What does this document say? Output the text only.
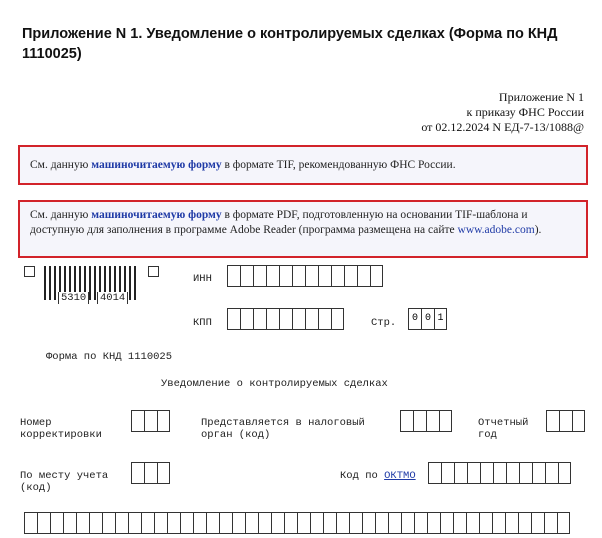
Приложение N 1. Уведомление о контролируемых сделках (Форма по КНД 1110025)
Приложение N 1
к приказу ФНС России
от 02.12.2024 N ЕД-7-13/1088@
См. данную машиночитаемую форму в формате TIF, рекомендованную ФНС России.
См. данную машиночитаемую форму в формате PDF, подготовленную на основании TIF-шаблона и доступную для заполнения в программе Adobe Reader (программа размещена на сайте www.adobe.com).
5310 4014
ИНН
КПП	Стр.	0 0 1
Форма по КНД 1110025
Уведомление о контролируемых сделках
Номер
корректировки
Представляется в налоговый
орган (код)
Отчетный
год
По месту учета
(код)
Код по ОКТМО
